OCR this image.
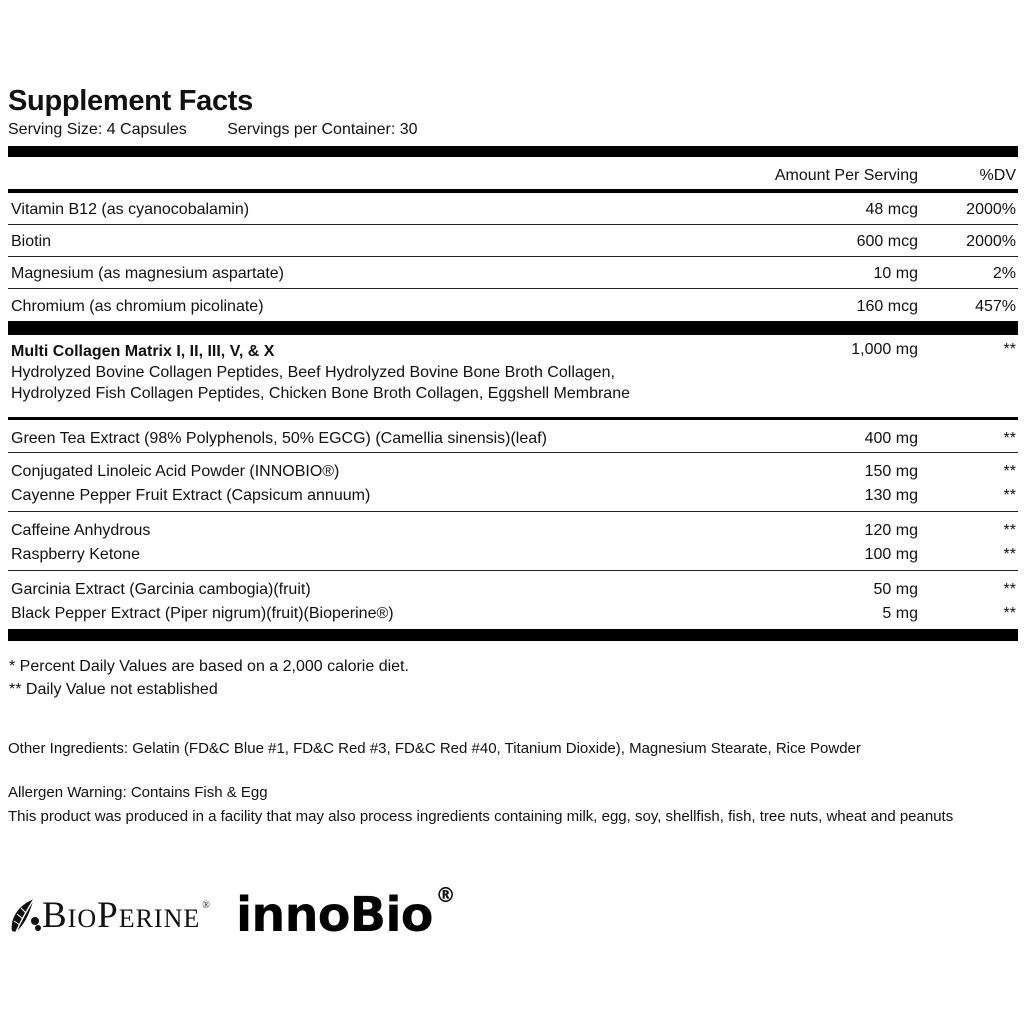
Supplement Facts
Serving Size: 4 Capsules	Servings per Container: 30
Amount Per Serving	%DV
Vitamin B12 (as cyanocobalamin)	48 mcg	2000%
Biotin	600 mcg	2000%
Magnesium (as magnesium aspartate)	10 mg	2%
Chromium (as chromium picolinate)	160 mcg	457%
Multi Collagen Matrix I, II, III, V, & X
Hydrolyzed Bovine Collagen Peptides, Beef Hydrolyzed Bovine Bone Broth Collagen,
Hydrolyzed Fish Collagen Peptides, Chicken Bone Broth Collagen, Eggshell Membrane
1,000 mg	**
Green Tea Extract (98% Polyphenols, 50% EGCG) (Camellia sinensis)(leaf)	400 mg	**
Conjugated Linoleic Acid Powder (INNOBIO®)	150 mg	**
Cayenne Pepper Fruit Extract (Capsicum annuum)	130 mg	**
Caffeine Anhydrous	120 mg	**
Raspberry Ketone	100 mg	**
Garcinia Extract (Garcinia cambogia)(fruit)	50 mg	**
Black Pepper Extract (Piper nigrum)(fruit)(Bioperine®)	5 mg	**
* Percent Daily Values are based on a 2,000 calorie diet.
** Daily Value not established
Other Ingredients: Gelatin (FD&C Blue #1, FD&C Red #3, FD&C Red #40, Titanium Dioxide), Magnesium Stearate, Rice Powder
Allergen Warning: Contains Fish & Egg
This product was produced in a facility that may also process ingredients containing milk, egg, soy, shellfish, fish, tree nuts, wheat and peanuts
BioPerine ® innoBio ®
